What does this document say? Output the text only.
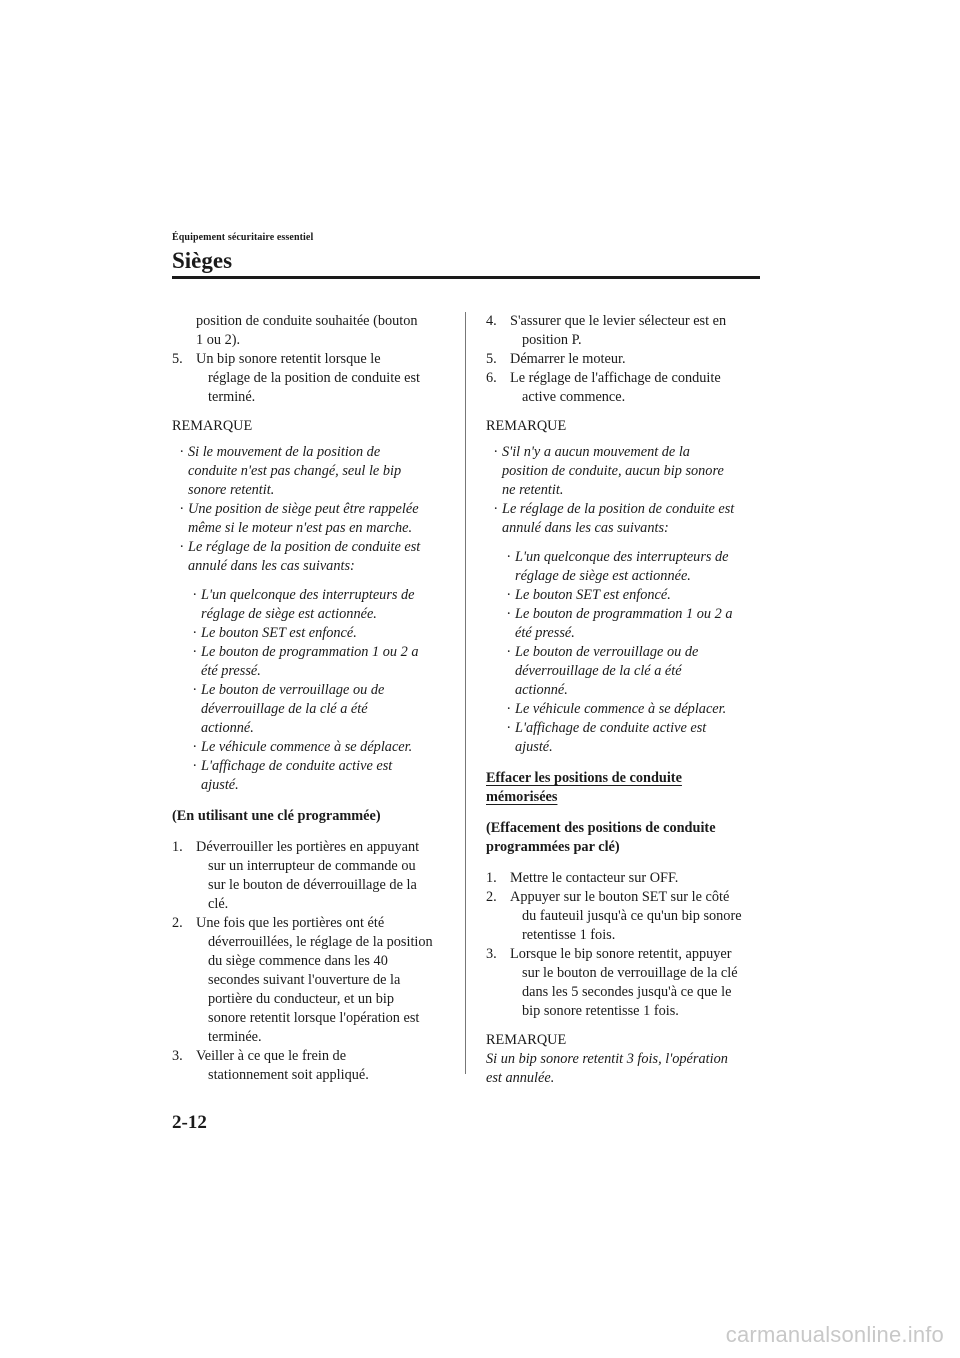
Équipement sécuritaire essentiel
Sièges
position de conduite souhaitée (bouton
1 ou 2).
5. Un bip sonore retentit lorsque le
réglage de la position de conduite est
terminé.
REMARQUE
· Si le mouvement de la position de
conduite n'est pas changé, seul le bip
sonore retentit.
· Une position de siège peut être rappelée
même si le moteur n'est pas en marche.
· Le réglage de la position de conduite est
annulé dans les cas suivants:
· L'un quelconque des interrupteurs de
réglage de siège est actionnée.
· Le bouton SET est enfoncé.
· Le bouton de programmation 1 ou 2 a
été pressé.
· Le bouton de verrouillage ou de
déverrouillage de la clé a été
actionné.
· Le véhicule commence à se déplacer.
· L'affichage de conduite active est
ajusté.
(En utilisant une clé programmée)
1. Déverrouiller les portières en appuyant
sur un interrupteur de commande ou
sur le bouton de déverrouillage de la
clé.
2. Une fois que les portières ont été
déverrouillées, le réglage de la position
du siège commence dans les 40
secondes suivant l'ouverture de la
portière du conducteur, et un bip
sonore retentit lorsque l'opération est
terminée.
3. Veiller à ce que le frein de
stationnement soit appliqué.
4. S'assurer que le levier sélecteur est en
position P.
5. Démarrer le moteur.
6. Le réglage de l'affichage de conduite
active commence.
REMARQUE
· S'il n'y a aucun mouvement de la
position de conduite, aucun bip sonore
ne retentit.
· Le réglage de la position de conduite est
annulé dans les cas suivants:
· L'un quelconque des interrupteurs de
réglage de siège est actionnée.
· Le bouton SET est enfoncé.
· Le bouton de programmation 1 ou 2 a
été pressé.
· Le bouton de verrouillage ou de
déverrouillage de la clé a été
actionné.
· Le véhicule commence à se déplacer.
· L'affichage de conduite active est
ajusté.
Effacer les positions de conduite
mémorisées
(Effacement des positions de conduite
programmées par clé)
1. Mettre le contacteur sur OFF.
2. Appuyer sur le bouton SET sur le côté
du fauteuil jusqu'à ce qu'un bip sonore
retentisse 1 fois.
3. Lorsque le bip sonore retentit, appuyer
sur le bouton de verrouillage de la clé
dans les 5 secondes jusqu'à ce que le
bip sonore retentisse 1 fois.
REMARQUE
Si un bip sonore retentit 3 fois, l'opération
est annulée.
2-12
carmanualsonline.info
